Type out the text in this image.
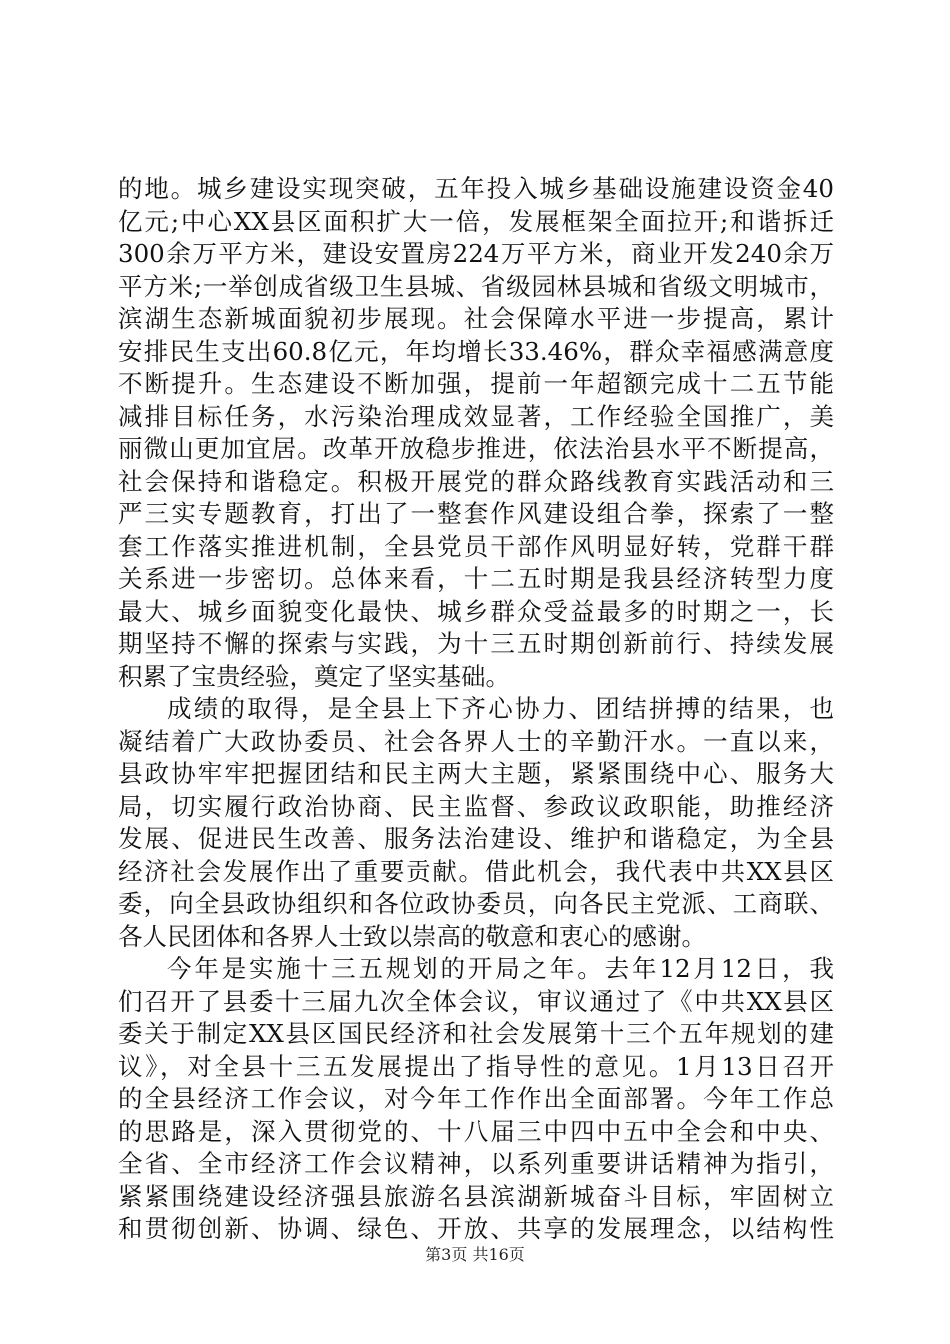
的地。城乡建设实现突破，五年投入城乡基础设施建设资金40
亿元;中心XX县区面积扩大一倍，发展框架全面拉开;和谐拆迁
300余万平方米，建设安置房224万平方米，商业开发240余万
平方米;一举创成省级卫生县城、省级园林县城和省级文明城市，
滨湖生态新城面貌初步展现。社会保障水平进一步提高，累计
安排民生支出60.8亿元，年均增长33.46%，群众幸福感满意度
不断提升。生态建设不断加强，提前一年超额完成十二五节能
减排目标任务，水污染治理成效显著，工作经验全国推广，美
丽微山更加宜居。改革开放稳步推进，依法治县水平不断提高，
社会保持和谐稳定。积极开展党的群众路线教育实践活动和三
严三实专题教育，打出了一整套作风建设组合拳，探索了一整
套工作落实推进机制，全县党员干部作风明显好转，党群干群
关系进一步密切。总体来看，十二五时期是我县经济转型力度
最大、城乡面貌变化最快、城乡群众受益最多的时期之一，长
期坚持不懈的探索与实践，为十三五时期创新前行、持续发展
积累了宝贵经验，奠定了坚实基础。
成绩的取得，是全县上下齐心协力、团结拼搏的结果，也
凝结着广大政协委员、社会各界人士的辛勤汗水。一直以来，
县政协牢牢把握团结和民主两大主题，紧紧围绕中心、服务大
局，切实履行政治协商、民主监督、参政议政职能，助推经济
发展、促进民生改善、服务法治建设、维护和谐稳定，为全县
经济社会发展作出了重要贡献。借此机会，我代表中共XX县区
委，向全县政协组织和各位政协委员，向各民主党派、工商联、
各人民团体和各界人士致以崇高的敬意和衷心的感谢。
今年是实施十三五规划的开局之年。去年12月12日，我
们召开了县委十三届九次全体会议，审议通过了《中共XX县区
委关于制定XX县区国民经济和社会发展第十三个五年规划的建
议》，对全县十三五发展提出了指导性的意见。1月13日召开
的全县经济工作会议，对今年工作作出全面部署。今年工作总
的思路是，深入贯彻党的、十八届三中四中五中全会和中央、
全省、全市经济工作会议精神，以系列重要讲话精神为指引，
紧紧围绕建设经济强县旅游名县滨湖新城奋斗目标，牢固树立
和贯彻创新、协调、绿色、开放、共享的发展理念，以结构性
第3页 共16页
